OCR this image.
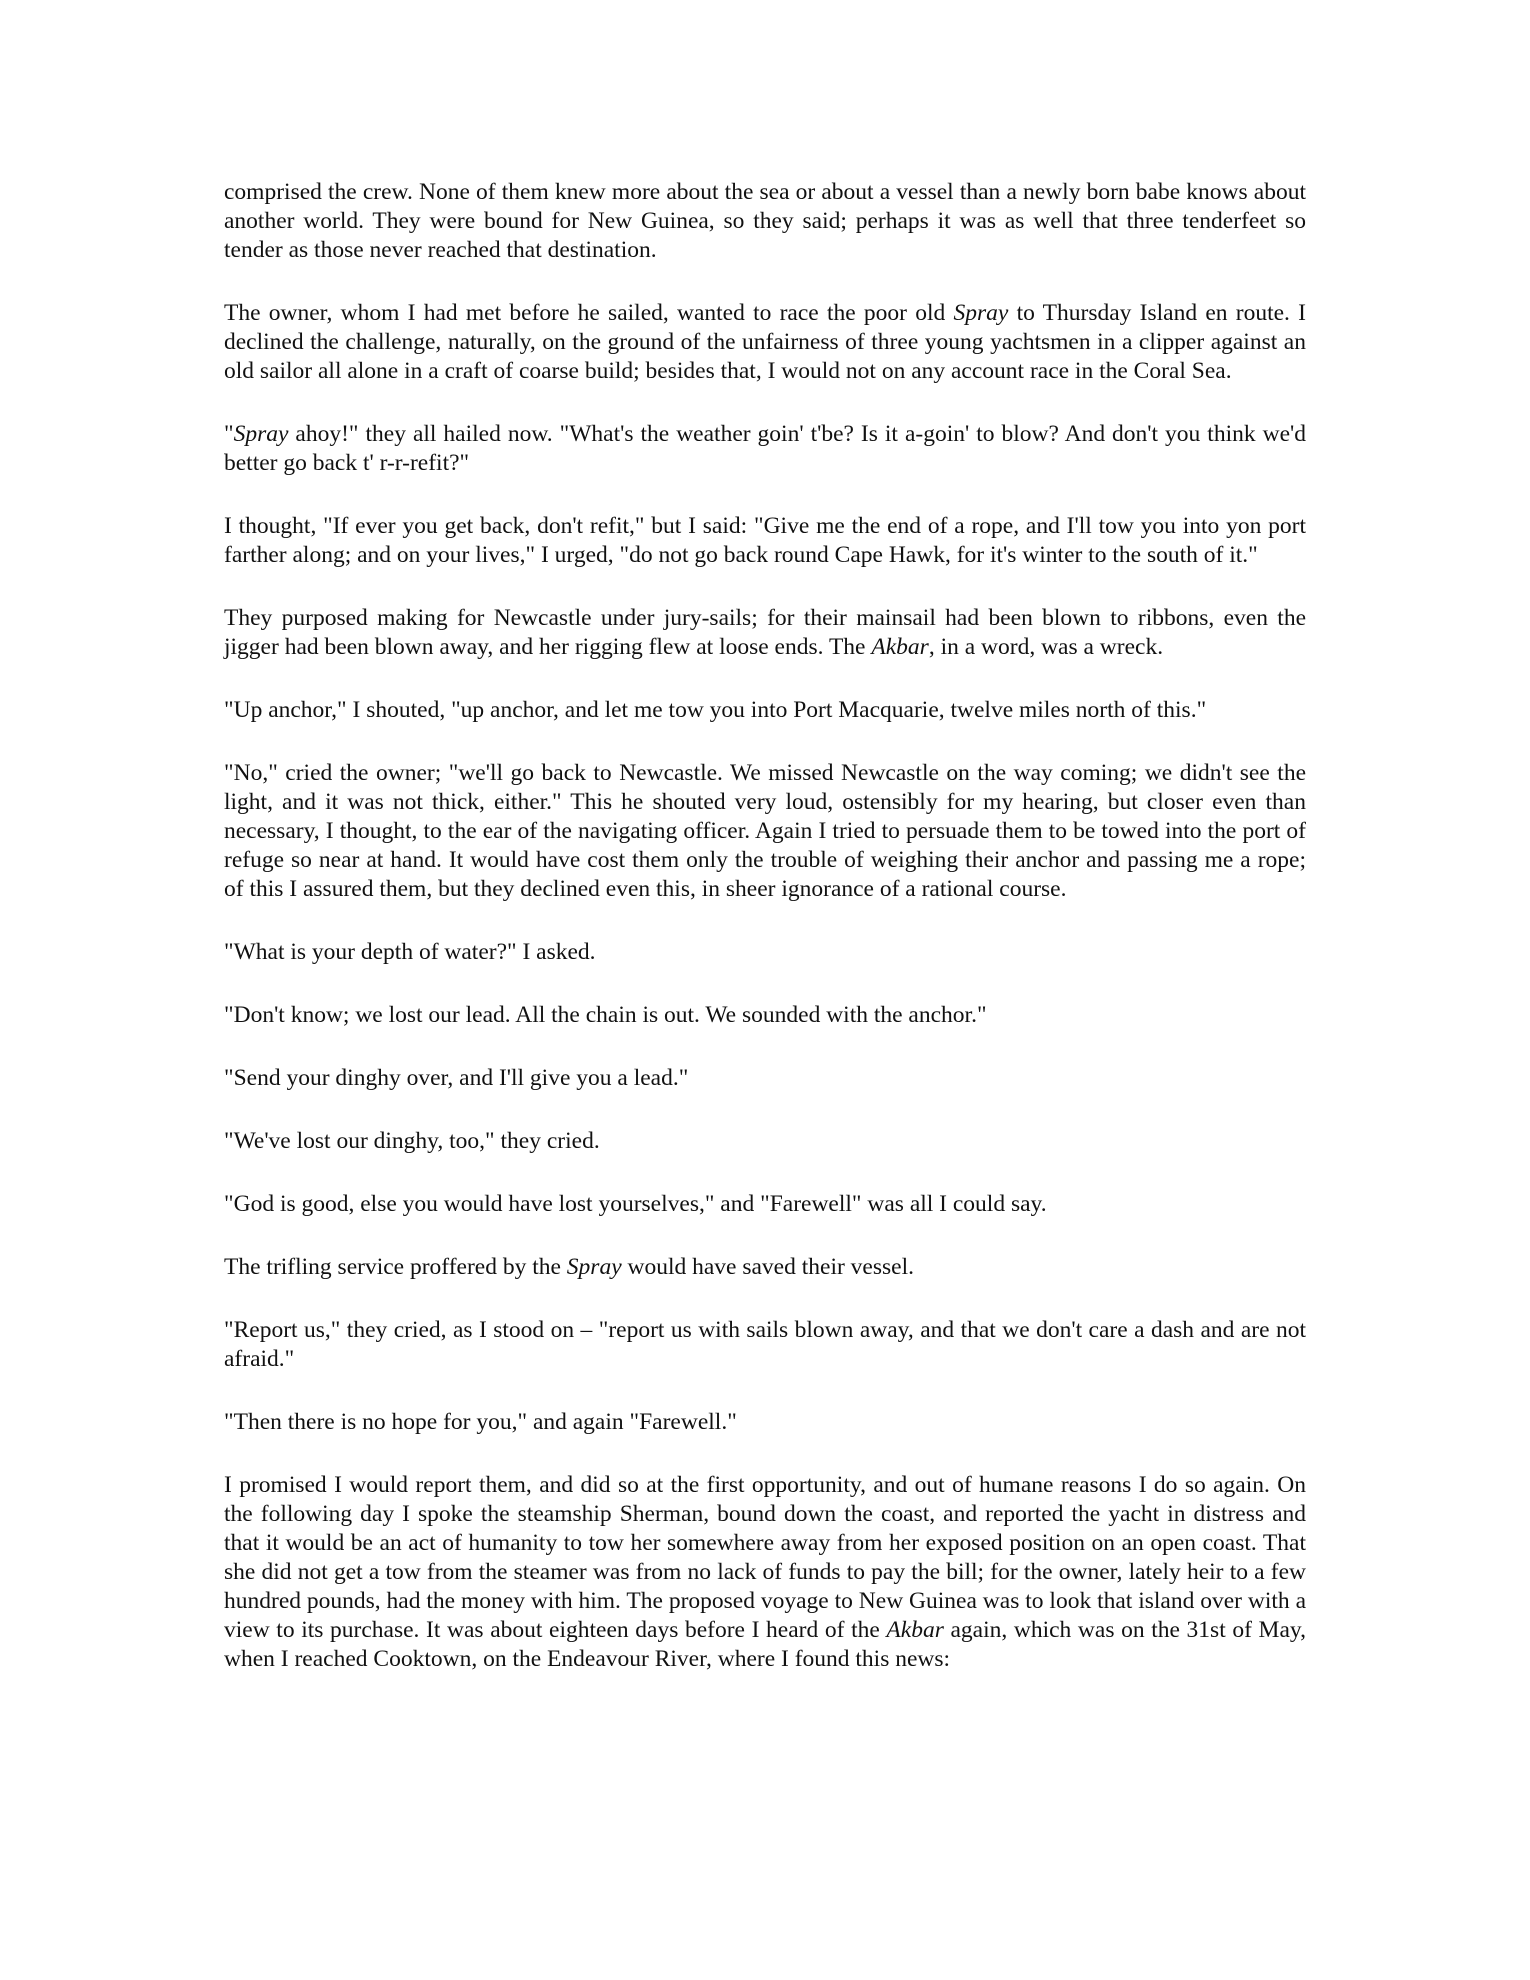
comprised the crew. None of them knew more about the sea or about a vessel than a newly born babe knows about another world. They were bound for New Guinea, so they said; perhaps it was as well that three tenderfeet so tender as those never reached that destination.

The owner, whom I had met before he sailed, wanted to race the poor old Spray to Thursday Island en route. I declined the challenge, naturally, on the ground of the unfairness of three young yachtsmen in a clipper against an old sailor all alone in a craft of coarse build; besides that, I would not on any account race in the Coral Sea.

"Spray ahoy!" they all hailed now. "What's the weather goin' t'be? Is it a-goin' to blow? And don't you think we'd better go back t' r-r-refit?"

I thought, "If ever you get back, don't refit," but I said: "Give me the end of a rope, and I'll tow you into yon port farther along; and on your lives," I urged, "do not go back round Cape Hawk, for it's winter to the south of it."

They purposed making for Newcastle under jury-sails; for their mainsail had been blown to ribbons, even the jigger had been blown away, and her rigging flew at loose ends. The Akbar, in a word, was a wreck.

"Up anchor," I shouted, "up anchor, and let me tow you into Port Macquarie, twelve miles north of this."

"No," cried the owner; "we'll go back to Newcastle. We missed Newcastle on the way coming; we didn't see the light, and it was not thick, either." This he shouted very loud, ostensibly for my hearing, but closer even than necessary, I thought, to the ear of the navigating officer. Again I tried to persuade them to be towed into the port of refuge so near at hand. It would have cost them only the trouble of weighing their anchor and passing me a rope; of this I assured them, but they declined even this, in sheer ignorance of a rational course.

"What is your depth of water?" I asked.

"Don't know; we lost our lead. All the chain is out. We sounded with the anchor."

"Send your dinghy over, and I'll give you a lead."

"We've lost our dinghy, too," they cried.

"God is good, else you would have lost yourselves," and "Farewell" was all I could say.

The trifling service proffered by the Spray would have saved their vessel.

"Report us," they cried, as I stood on – "report us with sails blown away, and that we don't care a dash and are not afraid."

"Then there is no hope for you," and again "Farewell."

I promised I would report them, and did so at the first opportunity, and out of humane reasons I do so again. On the following day I spoke the steamship Sherman, bound down the coast, and reported the yacht in distress and that it would be an act of humanity to tow her somewhere away from her exposed position on an open coast. That she did not get a tow from the steamer was from no lack of funds to pay the bill; for the owner, lately heir to a few hundred pounds, had the money with him. The proposed voyage to New Guinea was to look that island over with a view to its purchase. It was about eighteen days before I heard of the Akbar again, which was on the 31st of May, when I reached Cooktown, on the Endeavour River, where I found this news:
